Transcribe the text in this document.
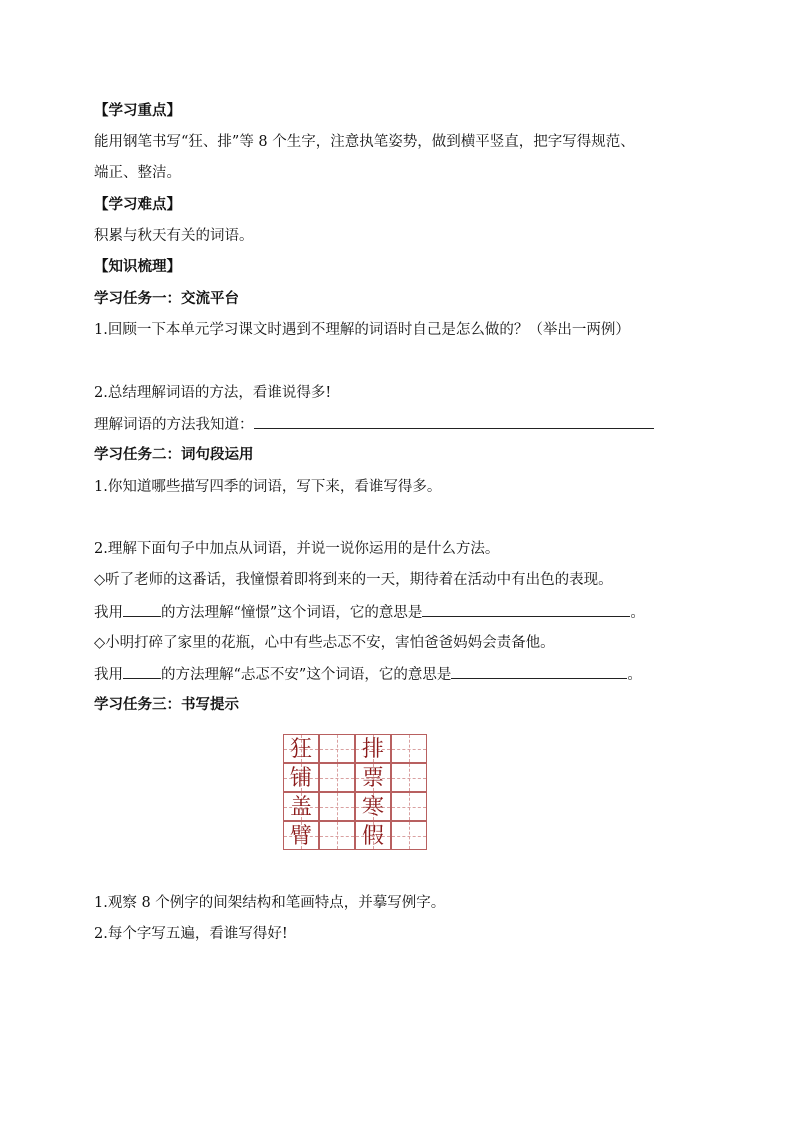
【学习重点】
能用钢笔书写“狂、排”等 8 个生字，注意执笔姿势，做到横平竖直，把字写得规范、
端正、整洁。
【学习难点】
积累与秋天有关的词语。
【知识梳理】
学习任务一：交流平台
1.回顾一下本单元学习课文时遇到不理解的词语时自己是怎么做的？（举出一两例）
2.总结理解词语的方法，看谁说得多!
理解词语的方法我知道：
学习任务二：词句段运用
1.你知道哪些描写四季的词语，写下来，看谁写得多。
2.理解下面句子中加点从词语，并说一说你运用的是什么方法。
◇听了老师的这番话，我憧憬着即将到来的一天，期待着在活动中有出色的表现。
我用	的方法理解“憧憬”这个词语，它的意思是	。
◇小明打碎了家里的花瓶，心中有些忐忑不安，害怕爸爸妈妈会责备他。
我用	的方法理解“忐忑不安”这个词语，它的意思是	。
学习任务三：书写提示
狂 排
铺 票
盖 寒
臂 假
1.观察 8 个例字的间架结构和笔画特点，并摹写例字。
2.每个字写五遍，看谁写得好!
